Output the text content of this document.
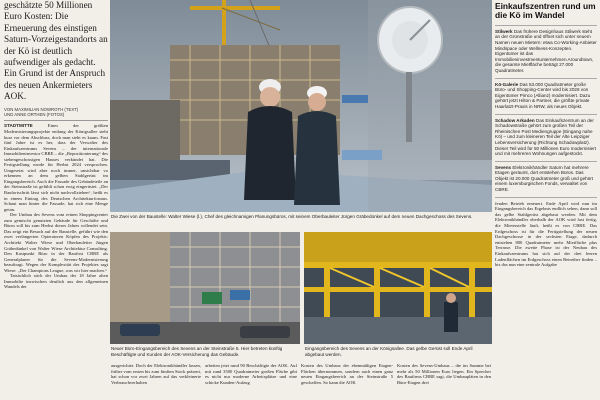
geschätzte 50 Millionen Euro Kosten: Die Erneuerung des einstigen Saturn-Vorzeigestandorts an der Kö ist deutlich aufwendiger als gedacht. Ein Grund ist der Anspruch des neuen Ankermieters AOK.
VON MAXIMILIAN NOWROTH (TEXT)
UND ANNE ORTHEN (FOTOS)

STADTMITTE	Eines der größten Modernisierungsprojekte entlang der Königsallee steht kurz vor dem Abschluss, doch man sieht es kaum. Fast fünf Jahre ist es her, dass der Verwalter des Einkaufszentrums Sevens – der internationale Immobilieninvestor CBRE – die „Repositionierung“ des siebengeschossigen Hauses verkündet hat. Die Fertigstellung wurde für Herbst 2024 versprochen. Umgesetzt wird aber noch immer, unsichtbar vo erkennen an dem gelben Stahlgerüst im Eingangsbereich. Auch die Fassade des Gebäudeteile an der Steinstraße ist gefühlt schon ewig eingerüstet. „Der Baufortschritt lässt sich nicht nachvollziehen“, heißt es in einem Eintrag des Deutschen Architekturforums. Schaut man hinter die Fassade, hat sich eine Menge getan.

Der Umbau des Sevens vom reinen Shoppingcenter zum gemischt genutzten Gebäude für Geschäfte und Büros soll bis zum Herbst dieses Jahres vollendet sein. Das zeigt ein Besuch auf der Baustelle, geführt wie den zwei verlängerten Opteratoren Köpfen des Projekts: Architekt Walter Wiese und Oberbauleiter Jürgen Gräbedünkel von Walter Wiese Architektur Consulting. Den Kastpunkt Büro in der Baufirst CBRE als Generalplaner für die Sevens-Modernisierung beauftragt. Wegen der Komplexität des Projektes sagt Wiese: „Der Champions League, was wir hier machen.“

Tatsächlich stich der Umbau der 18 Jahre alten Immobilie inzwischen deutlich aus den allgemeinen Wandels der

Die Zwei von der Baustelle: Walter Wiese (l.), Chef des gleichnamigen Planungsbüros, mit seinem Oberbauleiter Jürgen Gräbedünkel auf dem neuen Dachgeschoss des Sevens.
Neuer Büro-Eingangsbereich des Sevens an der Steinstraße 5. Hier betreten künftig Beschäftigte und Kunden der AOK-Versicherung das Gebäude.
Eingangsbereich des Sevens an der Königsallee. Das gelbe Gerüst soll Ende April abgebaut werden.
ausgerichtet. Doch der Elektronikhändler lassen, früher vom ersten bis zum fünften Stock präsent, hat schon vor zwei Jahren auf das verkleinerte Verbrauchverhalten
arbeiten jetzt rund 90 Beschäftigte der AOK. Auf mit rund 3500 Quadratmeter großen Fläche gibt es nicht nur moderne Arbeitsplätze und eine schicke Kunden-Aufzug
Kosten des Umbaus der ebenmäßigen Etagen-Flächen übernommen, sondern auch einen ganz neuen Eingangsbereich an der Steinstraße 5 geschaffen. So kann die AOK
Kosten des Sevens-Umbaus – die im Summe bei mehr als 50 Millionen Euro liegen. Ein Sprecher des Baufirms CBRE sagt, die Umbaupläten in den Büro-Etagen drei
Einkaufszentren rund um die Kö im Wandel

Stilwerk Das frühere Designhaus Stilwerk steht an der Grünstraße und öffnet sich unter neuem Namen neuen Mietern: etwa Co-Working-Anbieter Mindspace oder Wellness-Konzepten. Eigentümer ist das Immobilieninvestmentunternehmen Aroundtown, die gesamte Mietfläche beträgt 27.000 Quadratmeter.

Kö-Galerie Das 53.000 Quadratmeter große Büro- und Shopping-Center wird bis 2026 von Eigentümer Pimco (Allianz) modernisiert. Dazu gehört jetzt Hilton & Partner, die größte private Haarlatzt-Praxis in NRW, als neues Objekt.

Schadow Arkaden Das Einkaufszentrum an der Schadowstraße gehört zum großen Teil der Rheinischen Post Mediengruppe (Eingang nahe Kö) – und zum kleineren Teil der Alte Leipziger Lebensversicherung (Richtung Schadowplatz). Dieser Teil wird für 50 Millionen Euro modernisiert und mit mehreren Wohnungen aufgestockt.

Sevens Elektronikhändler Saturn hat mehrere Etagen geräumt, dort entstehen Büros. Das Objekt ist 20.000 Quadratmeter groß und gehört einem luxemburgischen Fonds, verwaltet von CBRE.

fenden Betrieb erneuert. Ende April wird nun im Eingangsbereich das Ergebnis endlich sehen, dann soll das gelbe Stahlgerüst abgebaut werden. Mit dem Elektronikhändler oberhalb der AOK wird fast fertig, die Mieterstelle läuft, heißt es von CBRE. Das Erdgeschoss ist für die Fertigstellung der neuen Dachgeschosse in der sechsten Etage, dadurch entstehen 800 Quadratmeter mehr Mietfläche plus Terrasse. Die zweite Phase ist der Neubau des Einkaufszentrums hat sich auf der drei leeren Ladenflächen im Erdgeschoss einen Betreiber finden – bis das nun eine zentrale Aufgabe
